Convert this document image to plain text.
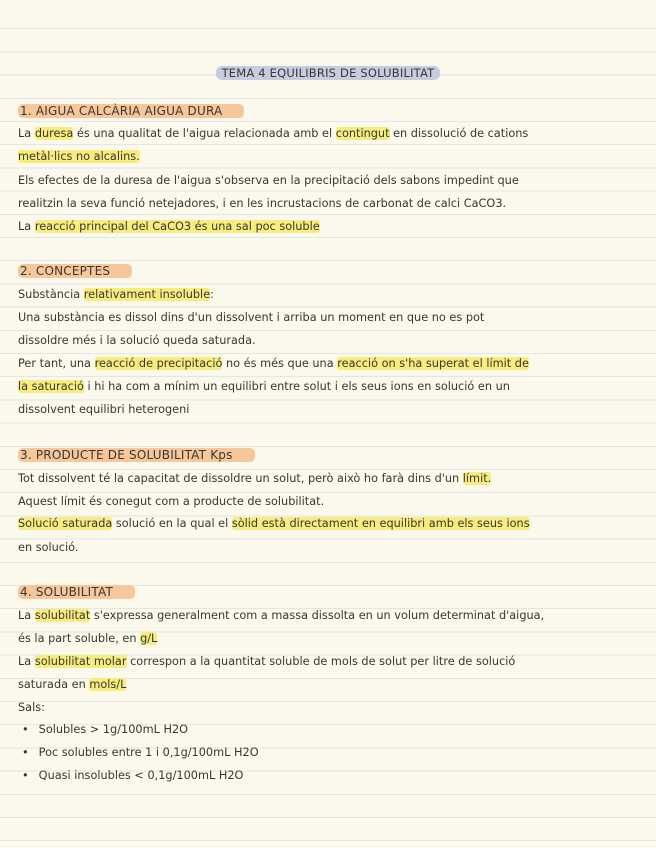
TEMA 4 EQUILIBRIS DE SOLUBILITAT
1. AIGUA CALCÀRIA AIGUA DURA
La duresa és una qualitat de l'aigua relacionada amb el contingut en dissolució de cations
metàl·lics no alcalins.
Els efectes de la duresa de l'aigua s'observa en la precipitació dels sabons impedint que
realitzin la seva funció netejadores, i en les incrustacions de carbonat de calci CaCO3.
La reacció principal del CaCO3 és una sal poc soluble
2. CONCEPTES
Substància relativament insoluble:
Una substància es dissol dins d'un dissolvent i arriba un moment en que no es pot
dissoldre més i la solució queda saturada.
Per tant, una reacció de precipitació no és més que una reacció on s'ha superat el límit de
la saturació i hi ha com a mínim un equilibri entre solut i els seus ions en solució en un
dissolvent equilibri heterogeni
3. PRODUCTE DE SOLUBILITAT Kps
Tot dissolvent té la capacitat de dissoldre un solut, però això ho farà dins d'un límit.
Aquest límit és conegut com a producte de solubilitat.
Solució saturada solució en la qual el sòlid està directament en equilibri amb els seus ions
en solució.
4. SOLUBILITAT
La solubilitat s'expressa generalment com a massa dissolta en un volum determinat d'aigua,
és la part soluble, en g/L
La solubilitat molar correspon a la quantitat soluble de mols de solut per litre de solució
saturada en mols/L
Sals:
• Solubles > 1g/100mL H2O
• Poc solubles entre 1 i 0,1g/100mL H2O
• Quasi insolubles < 0,1g/100mL H2O
